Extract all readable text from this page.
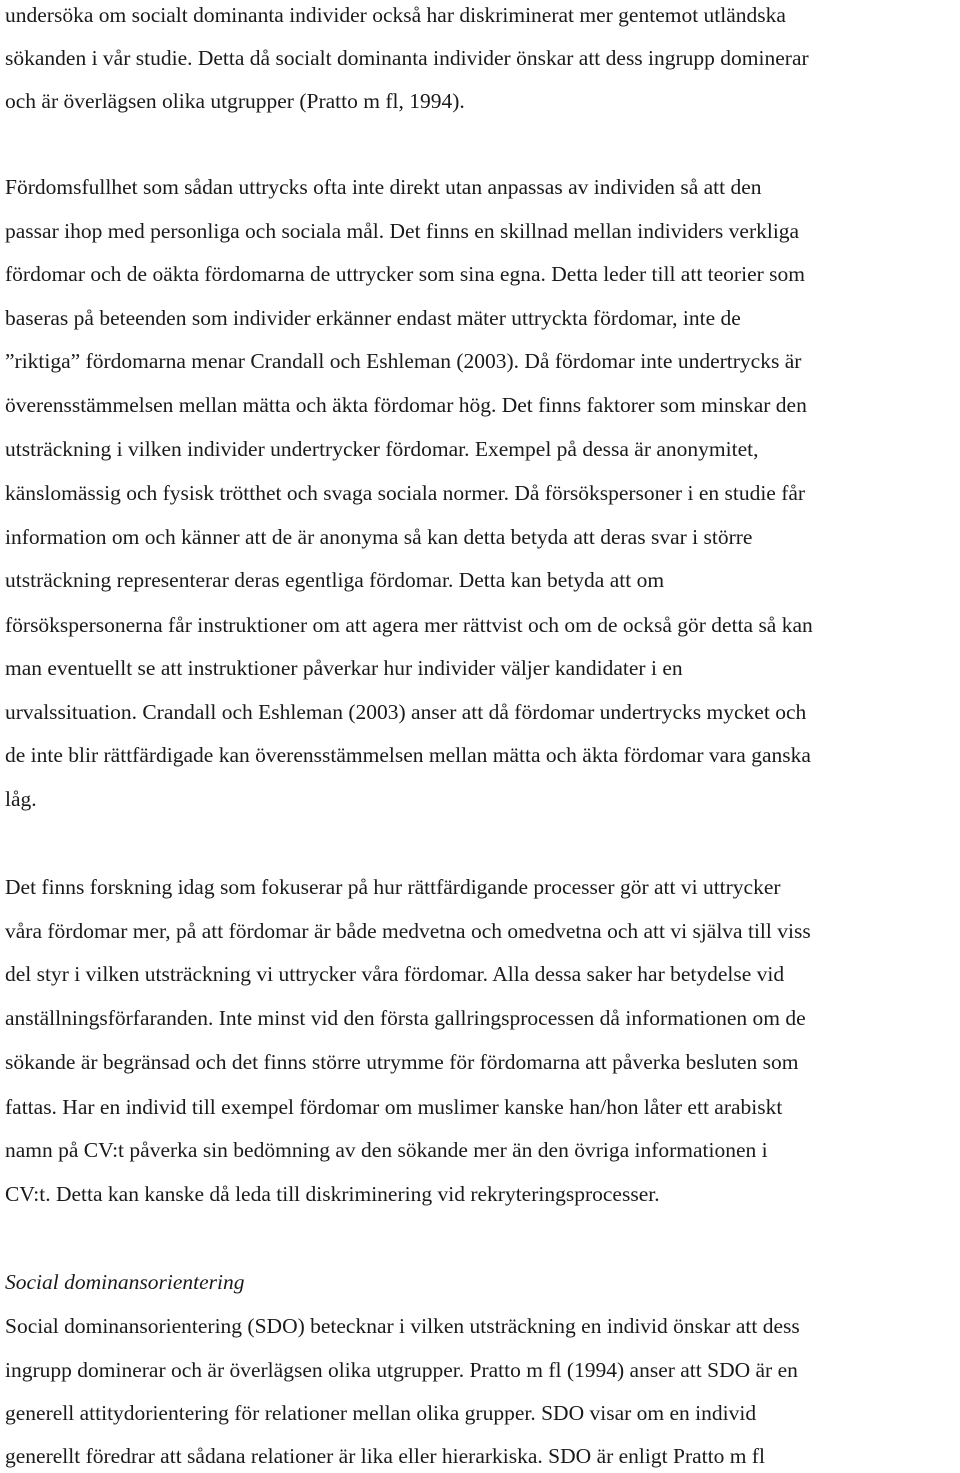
undersöka om socialt dominanta individer också har diskriminerat mer gentemot utländska
sökanden i vår studie. Detta då socialt dominanta individer önskar att dess ingrupp dominerar
och är överlägsen olika utgrupper (Pratto m fl, 1994).
Fördomsfullhet som sådan uttrycks ofta inte direkt utan anpassas av individen så att den
passar ihop med personliga och sociala mål. Det finns en skillnad mellan individers verkliga
fördomar och de oäkta fördomarna de uttrycker som sina egna. Detta leder till att teorier som
baseras på beteenden som individer erkänner endast mäter uttryckta fördomar, inte de
”riktiga” fördomarna menar Crandall och Eshleman (2003). Då fördomar inte undertrycks är
överensstämmelsen mellan mätta och äkta fördomar hög. Det finns faktorer som minskar den
utsträckning i vilken individer undertrycker fördomar. Exempel på dessa är anonymitet,
känslomässig och fysisk trötthet och svaga sociala normer. Då försökspersoner i en studie får
information om och känner att de är anonyma så kan detta betyda att deras svar i större
utsträckning representerar deras egentliga fördomar. Detta kan betyda att om
försökspersonerna får instruktioner om att agera mer rättvist och om de också gör detta så kan
man eventuellt se att instruktioner påverkar hur individer väljer kandidater i en
urvalssituation. Crandall och Eshleman (2003) anser att då fördomar undertrycks mycket och
de inte blir rättfärdigade kan överensstämmelsen mellan mätta och äkta fördomar vara ganska
låg.
Det finns forskning idag som fokuserar på hur rättfärdigande processer gör att vi uttrycker
våra fördomar mer, på att fördomar är både medvetna och omedvetna och att vi själva till viss
del styr i vilken utsträckning vi uttrycker våra fördomar. Alla dessa saker har betydelse vid
anställningsförfaranden. Inte minst vid den första gallringsprocessen då informationen om de
sökande är begränsad och det finns större utrymme för fördomarna att påverka besluten som
fattas. Har en individ till exempel fördomar om muslimer kanske han/hon låter ett arabiskt
namn på CV:t påverka sin bedömning av den sökande mer än den övriga informationen i
CV:t. Detta kan kanske då leda till diskriminering vid rekryteringsprocesser.
Social dominansorientering
Social dominansorientering (SDO) betecknar i vilken utsträckning en individ önskar att dess
ingrupp dominerar och är överlägsen olika utgrupper. Pratto m fl (1994) anser att SDO är en
generell attitydorientering för relationer mellan olika grupper. SDO visar om en individ
generellt föredrar att sådana relationer är lika eller hierarkiska. SDO är enligt Pratto m fl
